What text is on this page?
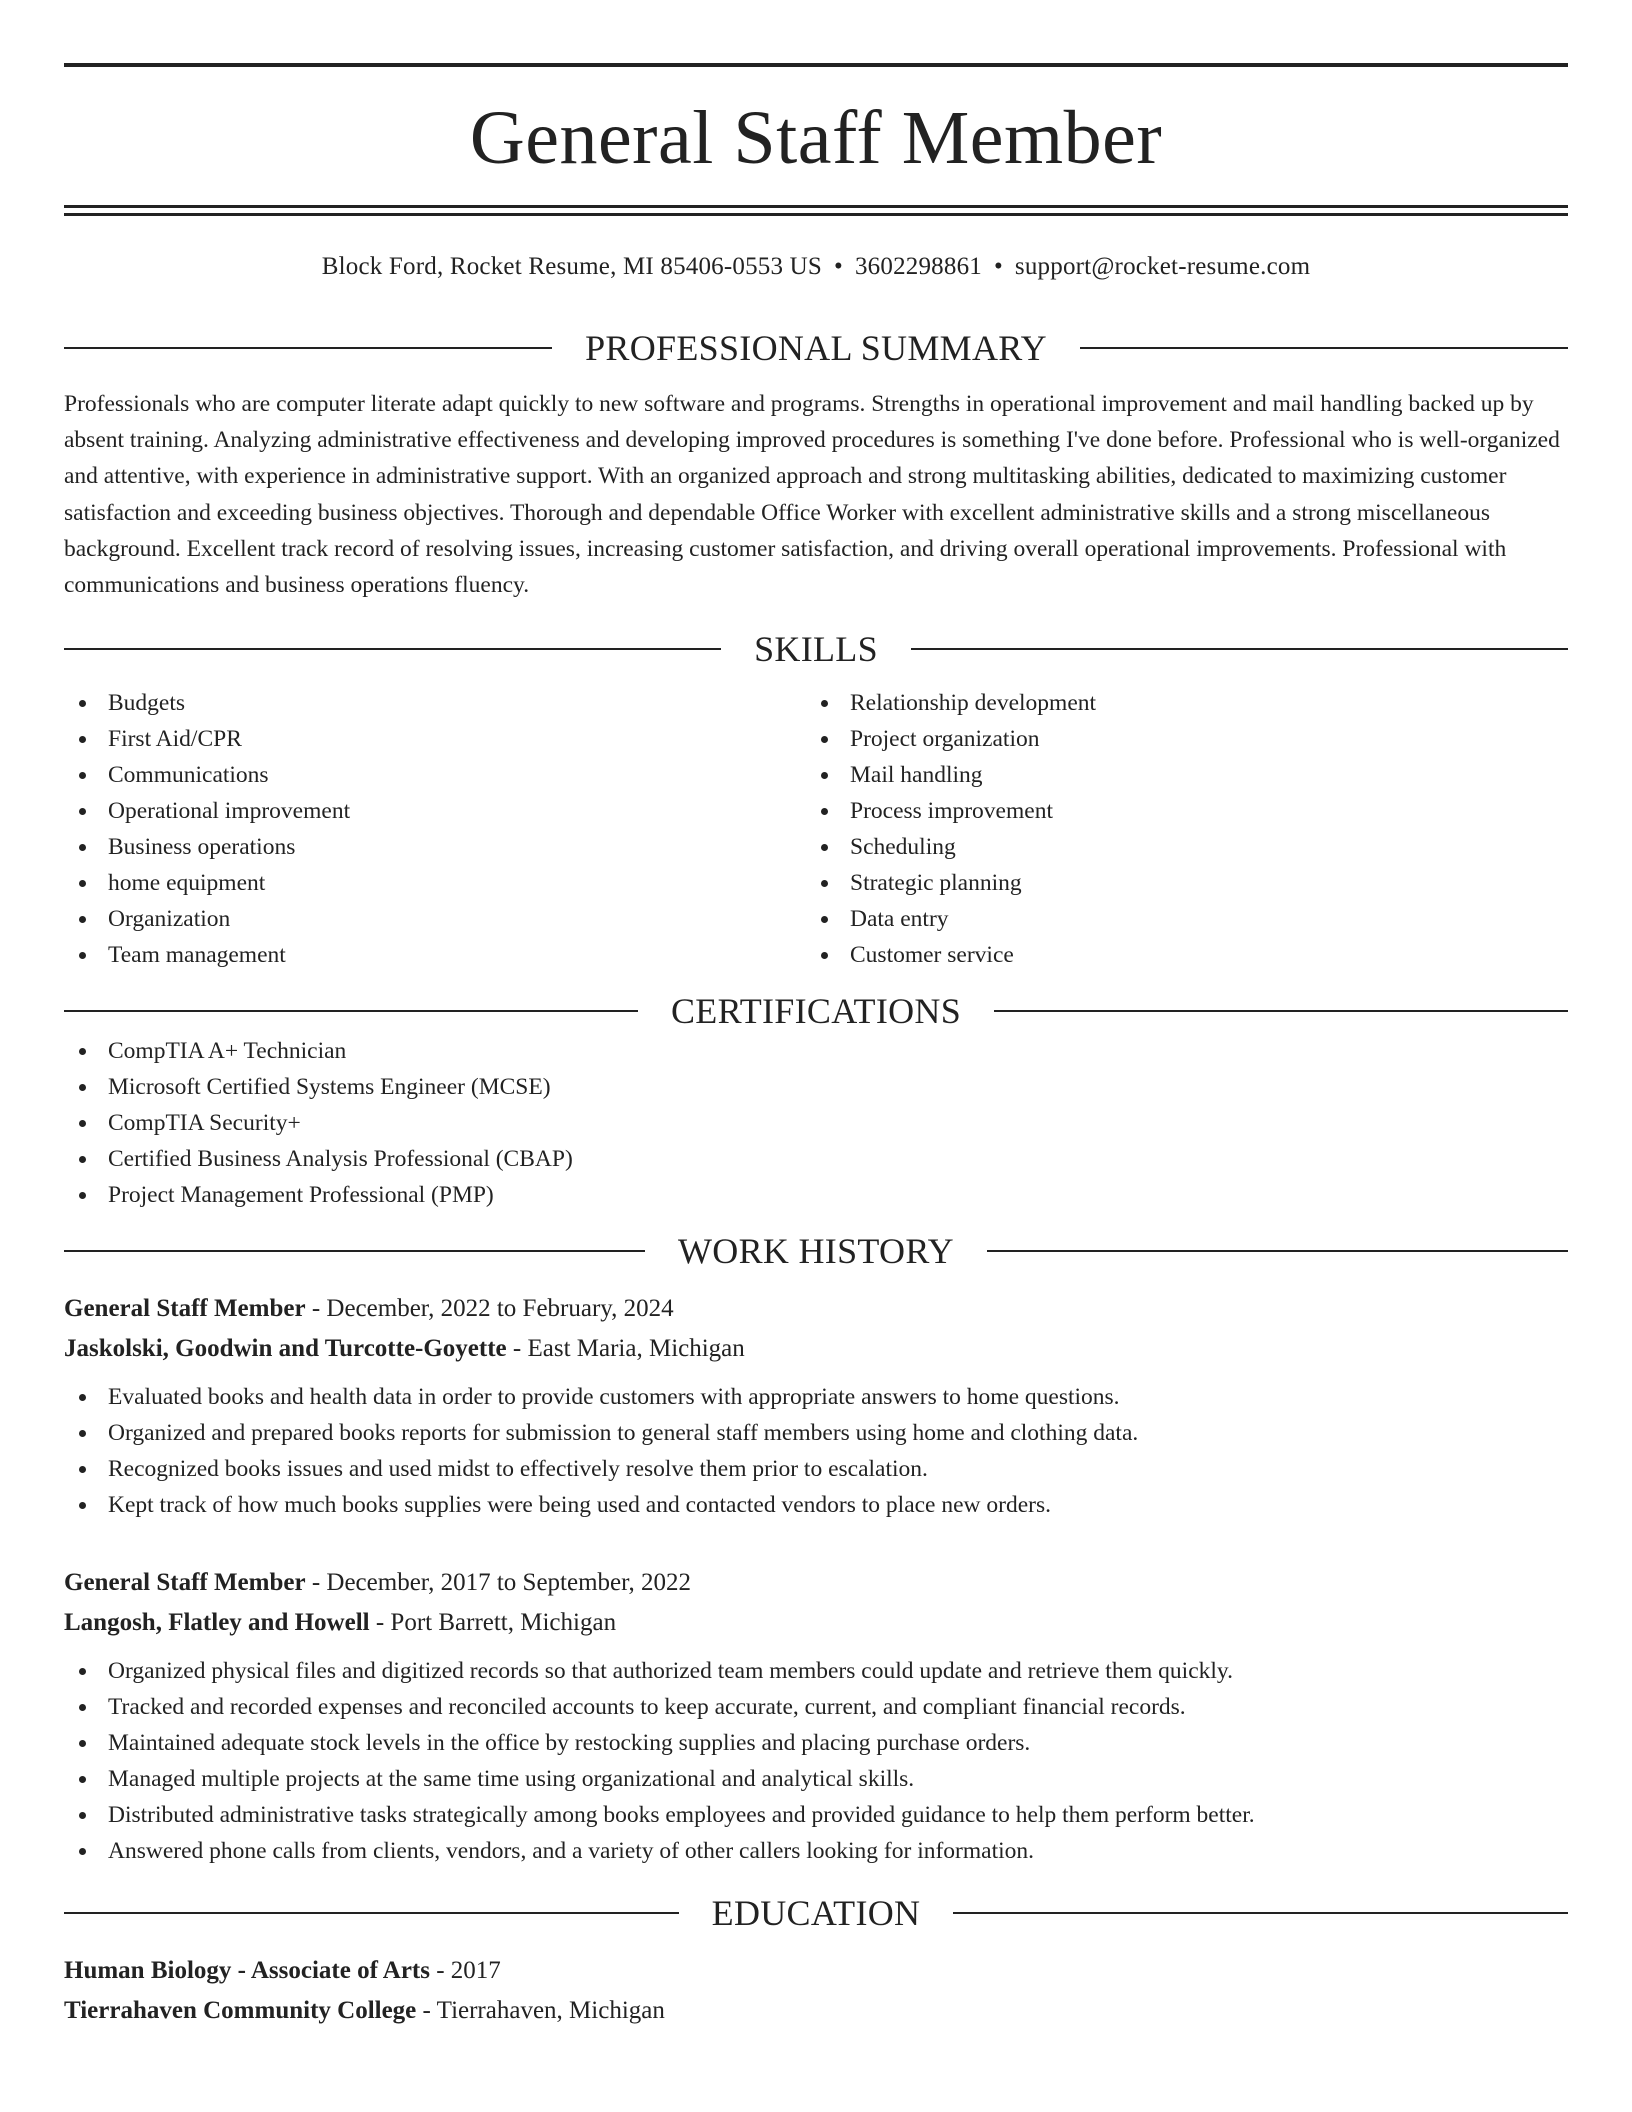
General Staff Member
Block Ford, Rocket Resume, MI 85406-0553 US • 3602298861 • support@rocket-resume.com
PROFESSIONAL SUMMARY

Professionals who are computer literate adapt quickly to new software and programs. Strengths in operational improvement and mail handling backed up by absent training. Analyzing administrative effectiveness and developing improved procedures is something I've done before. Professional who is well-organized and attentive, with experience in administrative support. With an organized approach and strong multitasking abilities, dedicated to maximizing customer satisfaction and exceeding business objectives. Thorough and dependable Office Worker with excellent administrative skills and a strong miscellaneous background. Excellent track record of resolving issues, increasing customer satisfaction, and driving overall operational improvements. Professional with communications and business operations fluency.

SKILLS
Budgets
First Aid/CPR
Communications
Operational improvement
Business operations
home equipment
Organization
Team management
Relationship development
Project organization
Mail handling
Process improvement
Scheduling
Strategic planning
Data entry
Customer service
CERTIFICATIONS
CompTIA A+ Technician
Microsoft Certified Systems Engineer (MCSE)
CompTIA Security+
Certified Business Analysis Professional (CBAP)
Project Management Professional (PMP)
WORK HISTORY
General Staff Member - December, 2022 to February, 2024
Jaskolski, Goodwin and Turcotte-Goyette - East Maria, Michigan
Evaluated books and health data in order to provide customers with appropriate answers to home questions.
Organized and prepared books reports for submission to general staff members using home and clothing data.
Recognized books issues and used midst to effectively resolve them prior to escalation.
Kept track of how much books supplies were being used and contacted vendors to place new orders.
General Staff Member - December, 2017 to September, 2022
Langosh, Flatley and Howell - Port Barrett, Michigan
Organized physical files and digitized records so that authorized team members could update and retrieve them quickly.
Tracked and recorded expenses and reconciled accounts to keep accurate, current, and compliant financial records.
Maintained adequate stock levels in the office by restocking supplies and placing purchase orders.
Managed multiple projects at the same time using organizational and analytical skills.
Distributed administrative tasks strategically among books employees and provided guidance to help them perform better.
Answered phone calls from clients, vendors, and a variety of other callers looking for information.
EDUCATION
Human Biology - Associate of Arts - 2017
Tierrahaven Community College - Tierrahaven, Michigan
